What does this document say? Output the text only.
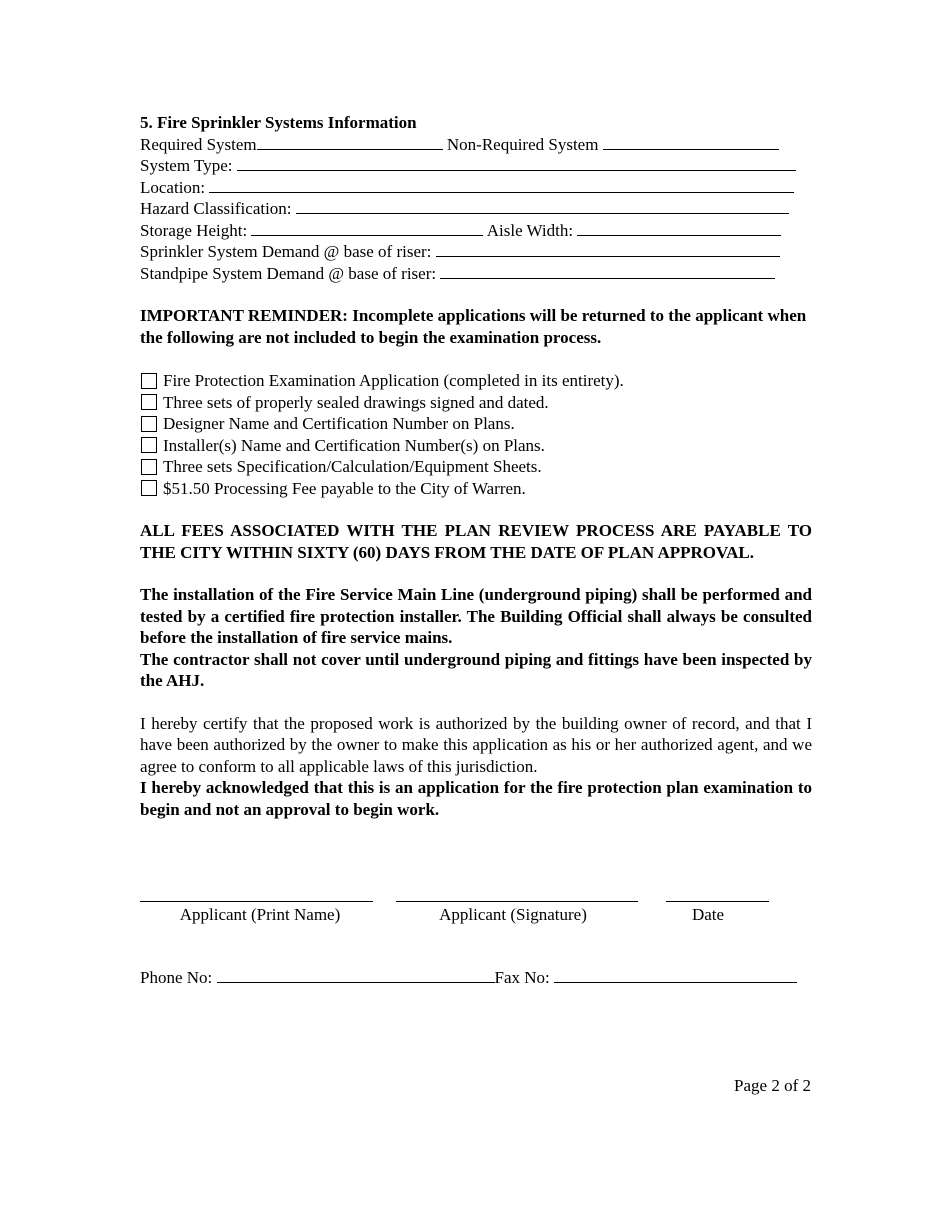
5. Fire Sprinkler Systems Information
Required System	Non-Required System
System Type:
Location:
Hazard Classification:
Storage Height:	Aisle Width:
Sprinkler System Demand @ base of riser:
Standpipe System Demand @ base of riser:
IMPORTANT REMINDER: Incomplete applications will be returned to the applicant when the following are not included to begin the examination process.
Fire Protection Examination Application (completed in its entirety).
Three sets of properly sealed drawings signed and dated.
Designer Name and Certification Number on Plans.
Installer(s) Name and Certification Number(s) on Plans.
Three sets Specification/Calculation/Equipment Sheets.
$51.50 Processing Fee payable to the City of Warren.
ALL FEES ASSOCIATED WITH THE PLAN REVIEW PROCESS ARE PAYABLE TO THE CITY WITHIN SIXTY (60) DAYS FROM THE DATE OF PLAN APPROVAL.
The installation of the Fire Service Main Line (underground piping) shall be performed and tested by a certified fire protection installer. The Building Official shall always be consulted before the installation of fire service mains.
The contractor shall not cover until underground piping and fittings have been inspected by the AHJ.
I hereby certify that the proposed work is authorized by the building owner of record, and that I have been authorized by the owner to make this application as his or her authorized agent, and we agree to conform to all applicable laws of this jurisdiction.
I hereby acknowledged that this is an application for the fire protection plan examination to begin and not an approval to begin work.
Applicant (Print Name)	Applicant (Signature)	Date
Phone No:	Fax No:
Page 2 of 2
